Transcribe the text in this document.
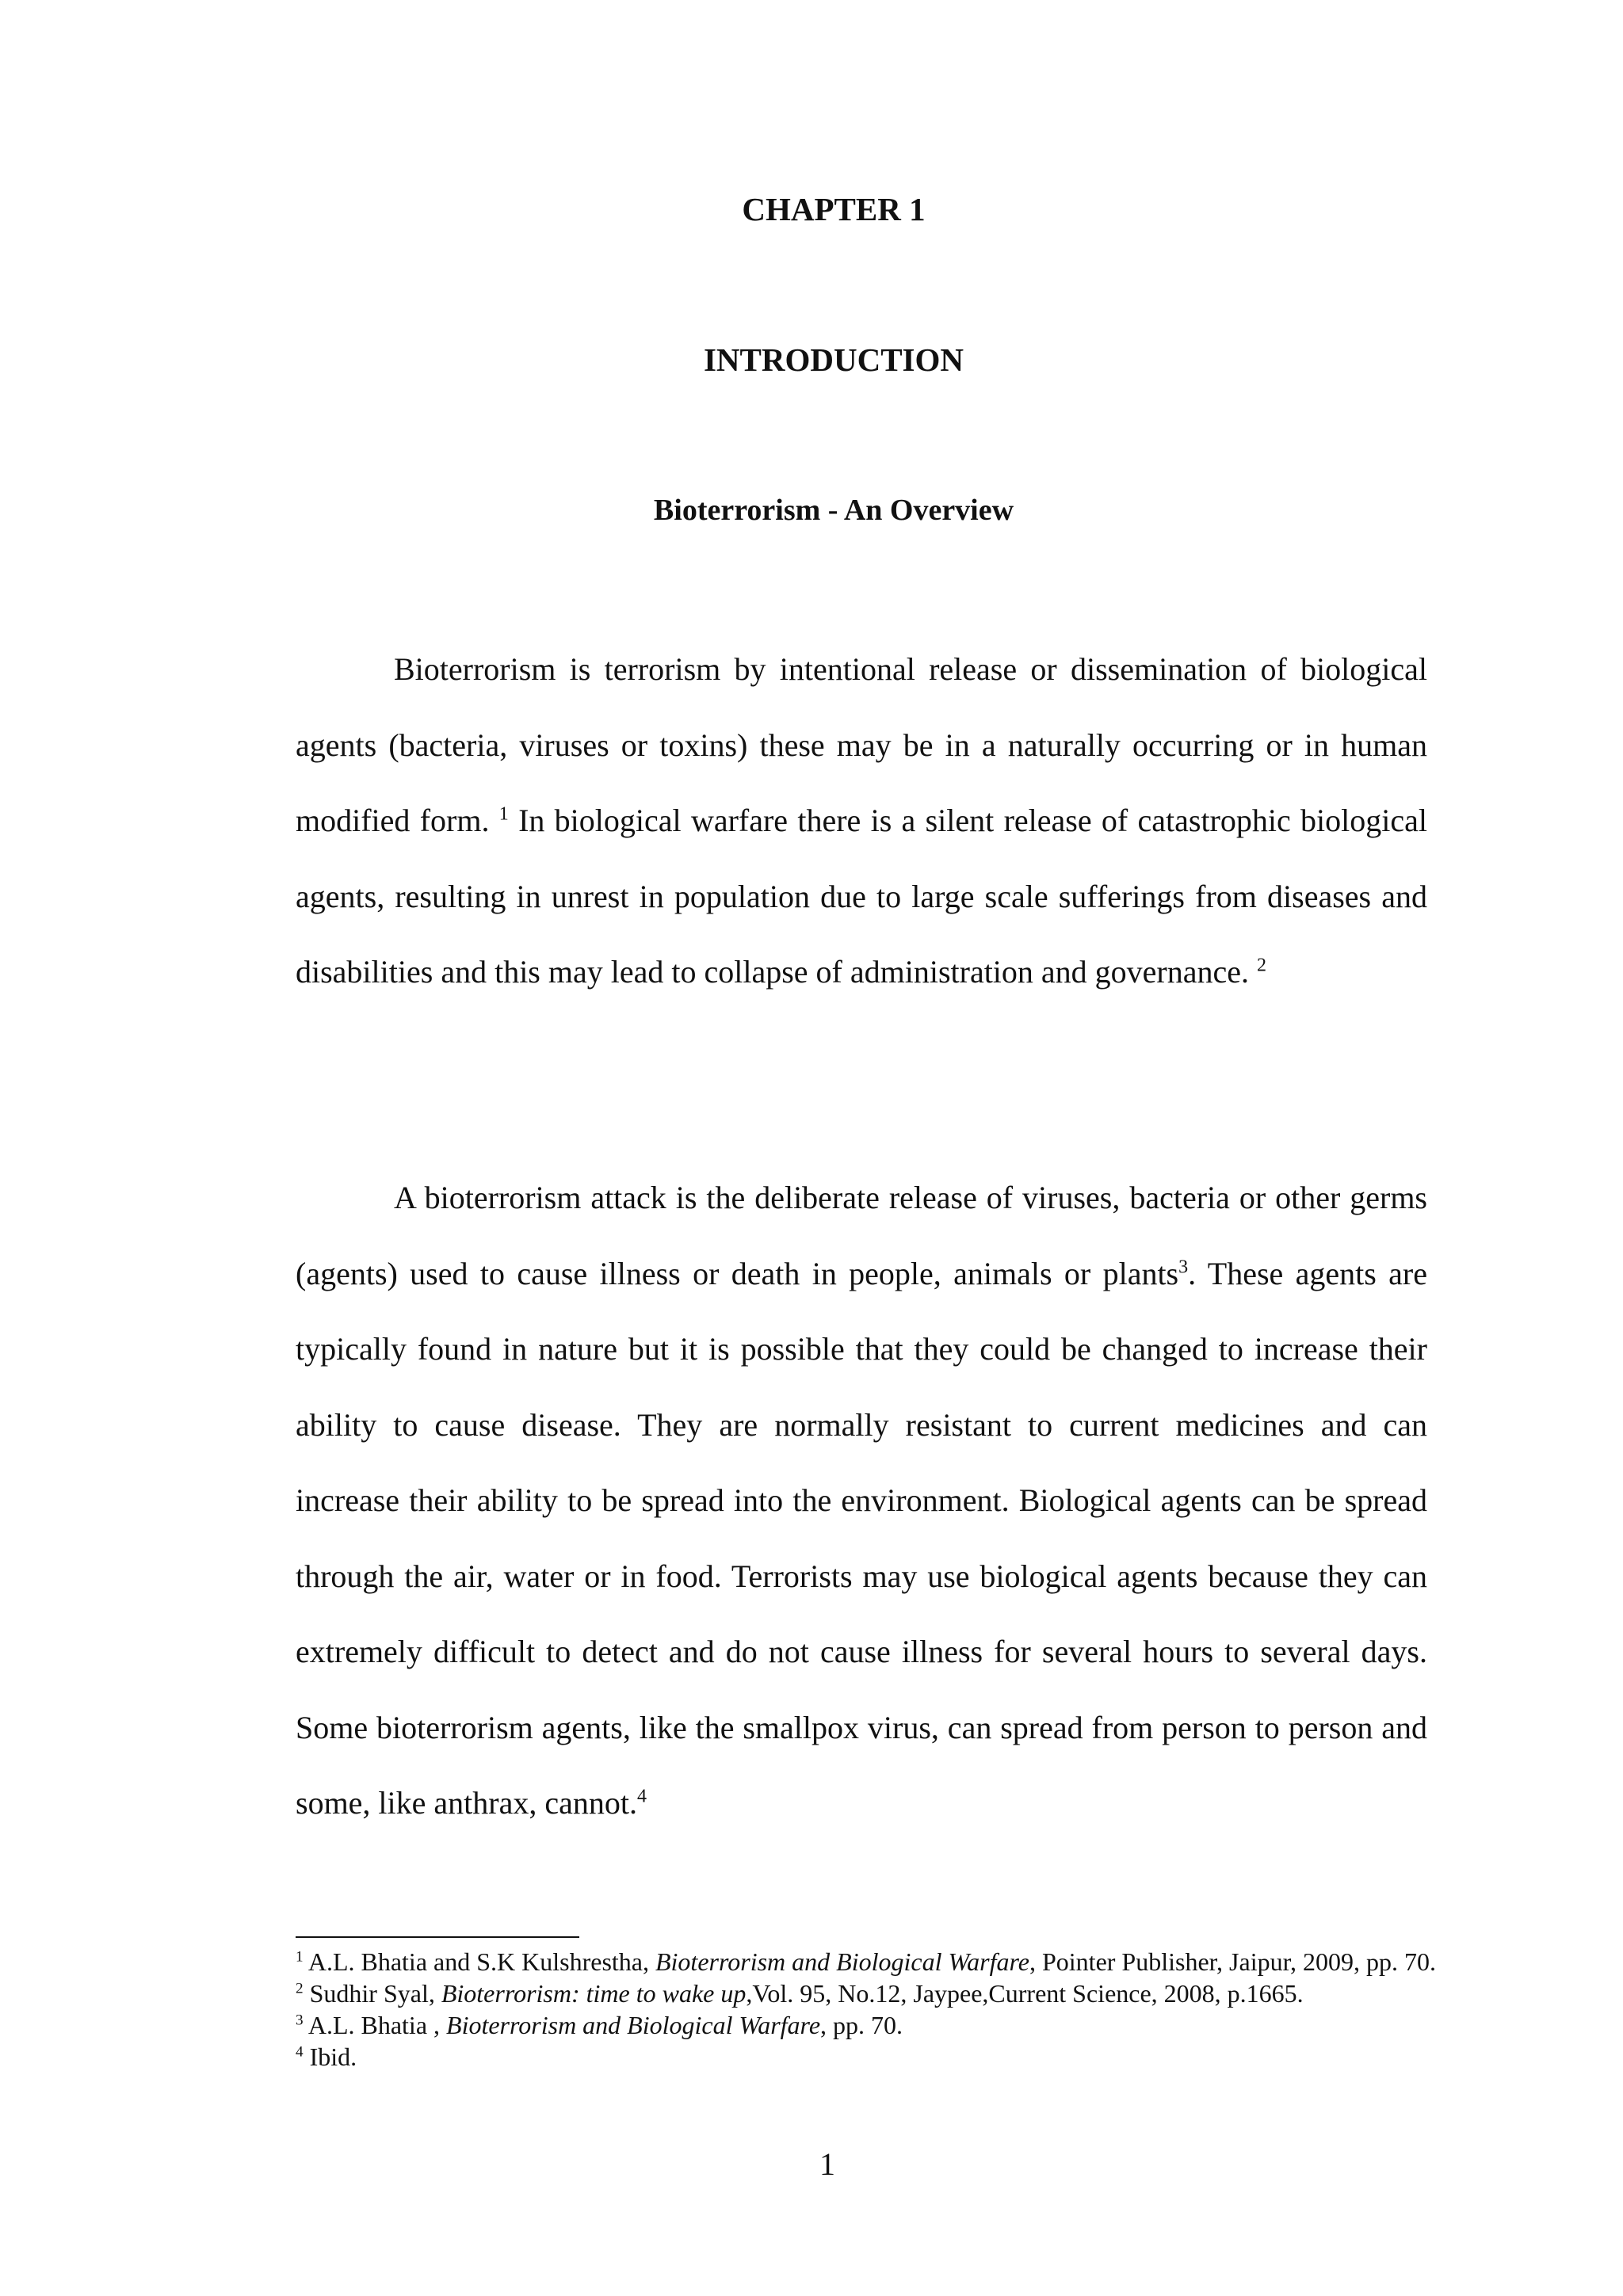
CHAPTER 1
INTRODUCTION
Bioterrorism - An Overview

Bioterrorism is terrorism by intentional release or dissemination of biological agents (bacteria, viruses or toxins) these may be in a naturally occurring or in human modified form. $^1$ In biological warfare there is a silent release of catastrophic biological agents, resulting in unrest in population due to large scale sufferings from diseases and disabilities and this may lead to collapse of administration and governance. $^2$

A bioterrorism attack is the deliberate release of viruses, bacteria or other germs (agents) used to cause illness or death in people, animals or plants$^3$. These agents are typically found in nature but it is possible that they could be changed to increase their ability to cause disease. They are normally resistant to current medicines and can increase their ability to be spread into the environment. Biological agents can be spread through the air, water or in food. Terrorists may use biological agents because they can extremely difficult to detect and do not cause illness for several hours to several days. Some bioterrorism agents, like the smallpox virus, can spread from person to person and some, like anthrax, cannot.$^4$

$^1$ A.L. Bhatia and S.K Kulshrestha, Bioterrorism and Biological Warfare, Pointer Publisher, Jaipur, 2009, pp. 70.

$^2$ Sudhir Syal, Bioterrorism: time to wake up,Vol. 95, No.12, Jaypee,Current Science, 2008, p.1665.

$^3$ A.L. Bhatia , Bioterrorism and Biological Warfare, pp. 70.

$^4$ Ibid.

1
